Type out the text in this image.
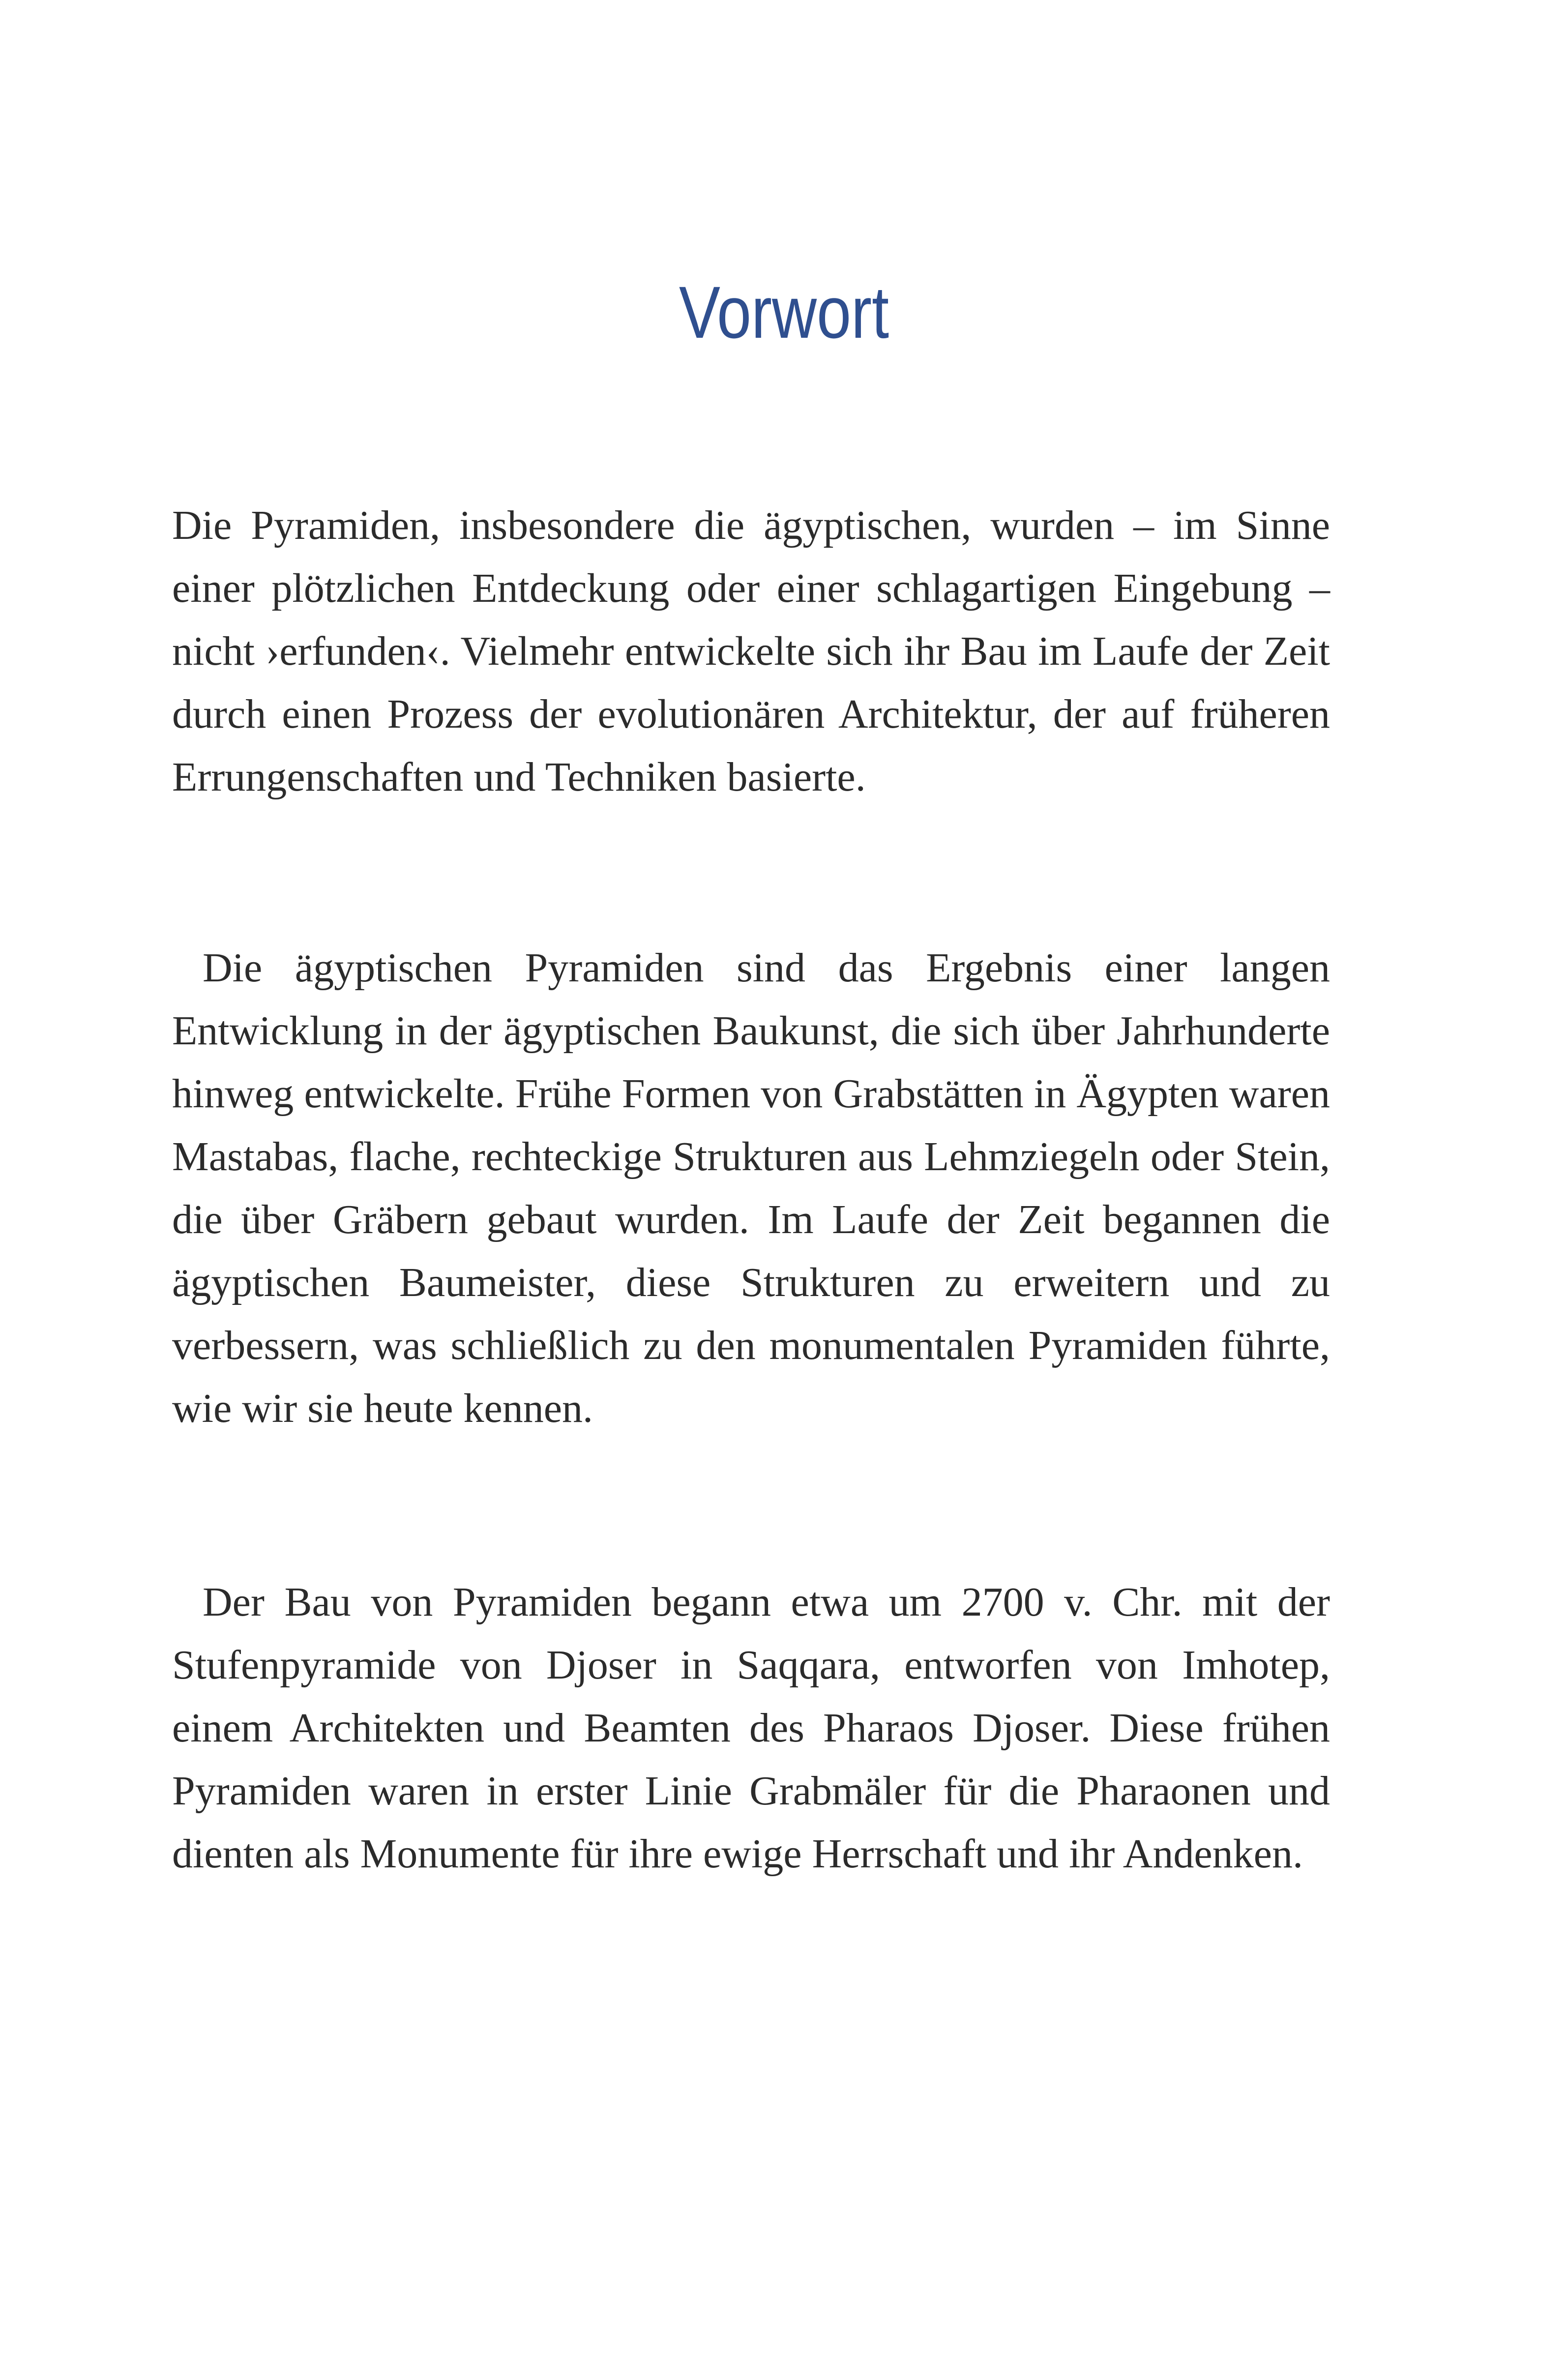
Vorwort

Die Pyramiden, insbesondere die ägyptischen, wurden – im Sinne einer plötzlichen Entdeckung oder einer schlagartigen Eingebung – nicht ›erfunden‹. Vielmehr entwickelte sich ihr Bau im Laufe der Zeit durch einen Prozess der evolutionären Architektur, der auf früheren Errungenschaften und Techniken basierte.

Die ägyptischen Pyramiden sind das Ergebnis einer langen Entwicklung in der ägyptischen Baukunst, die sich über Jahrhunderte hinweg entwickelte. Frühe Formen von Grabstätten in Ägypten waren Mastabas, flache, rechteckige Strukturen aus Lehmziegeln oder Stein, die über Gräbern gebaut wurden. Im Laufe der Zeit begannen die ägyptischen Baumeister, diese Strukturen zu erweitern und zu verbessern, was schließlich zu den monumentalen Pyramiden führte, wie wir sie heute kennen.

Der Bau von Pyramiden begann etwa um 2700 v. Chr. mit der Stufenpyramide von Djoser in Saqqara, entworfen von Imhotep, einem Architekten und Beamten des Pharaos Djoser. Diese frühen Pyramiden waren in erster Linie Grabmäler für die Pharaonen und dienten als Monumente für ihre ewige Herrschaft und ihr Andenken.
